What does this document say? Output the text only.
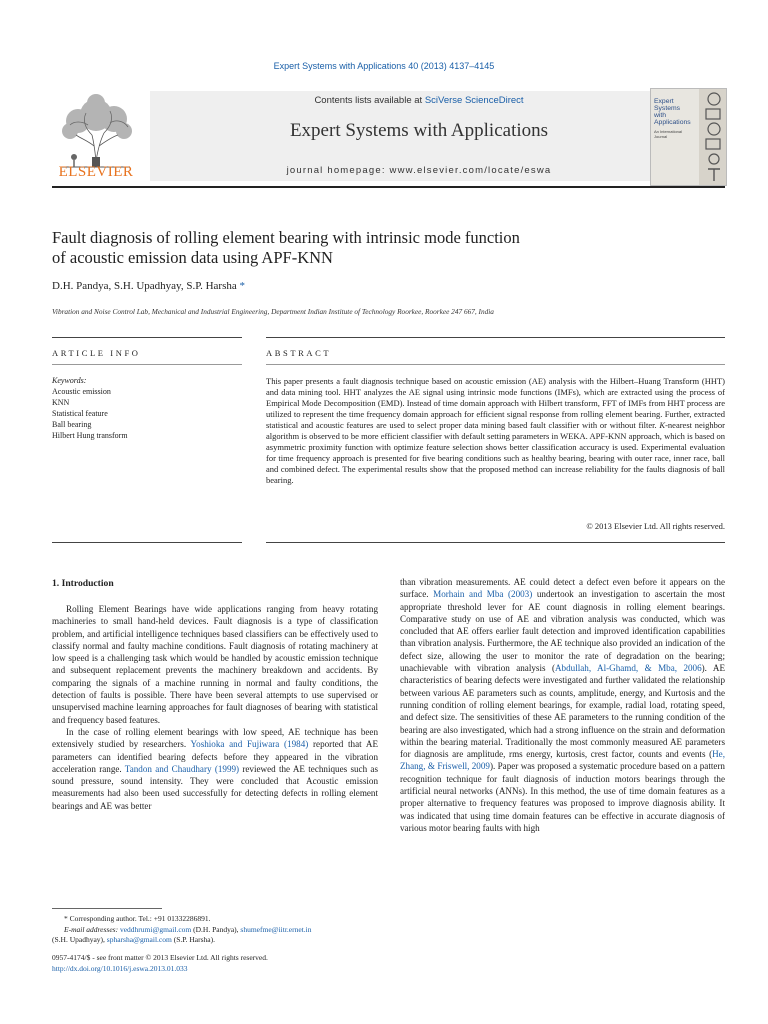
Expert Systems with Applications 40 (2013) 4137–4145
ELSEVIER
Contents lists available at SciVerse ScienceDirect
Expert Systems with Applications
journal homepage: www.elsevier.com/locate/eswa
Expert
Systems
with
Applications
An International Journal
Fault diagnosis of rolling element bearing with intrinsic mode function
of acoustic emission data using APF-KNN
D.H. Pandya, S.H. Upadhyay, S.P. Harsha *
Vibration and Noise Control Lab, Mechanical and Industrial Engineering, Department Indian Institute of Technology Roorkee, Roorkee 247 667, India
ARTICLE INFO	ABSTRACT
Keywords:
Acoustic emission
KNN
Statistical feature
Ball bearing
Hilbert Hung transform
This paper presents a fault diagnosis technique based on acoustic emission (AE) analysis with the Hilbert–Huang Transform (HHT) and data mining tool. HHT analyzes the AE signal using intrinsic mode functions (IMFs), which are extracted using the process of Empirical Mode Decomposition (EMD). Instead of time domain approach with Hilbert transform, FFT of IMFs from HHT process are utilized to represent the time frequency domain approach for efficient signal response from rolling element bearing. Further, extracted statistical and acoustic features are used to select proper data mining based fault classifier with or without filter. K-nearest neighbor algorithm is observed to be more efficient classifier with default setting parameters in WEKA. APF-KNN approach, which is based on asymmetric proximity function with optimize feature selection shows better classification accuracy is used. Experimental evaluation for time frequency approach is presented for five bearing conditions such as healthy bearing, bearing with outer race, inner race, ball and combined defect. The experimental results show that the proposed method can increase reliability for the faults diagnosis of ball bearing.
© 2013 Elsevier Ltd. All rights reserved.
1. Introduction

Rolling Element Bearings have wide applications ranging from heavy rotating machineries to small hand-held devices. Fault diagnosis is a type of classification problem, and artificial intelligence techniques based classifiers can be effectively used to classify normal and faulty machine conditions. Fault diagnosis of rotating machinery at low speed is a challenging task which would be handled by acoustic emission technique and subsequent replacement prevents the machinery breakdown and accidents. By comparing the signals of a machine running in normal and faulty conditions, the detection of faults is possible. There have been several attempts to use supervised or unsupervised machine learning approaches for fault diagnoses of bearing with statistical and frequency based features.

In the case of rolling element bearings with low speed, AE technique has been extensively studied by researchers. Yoshioka and Fujiwara (1984) reported that AE parameters can identified bearing defects before they appeared in the vibration acceleration range. Tandon and Chaudhary (1999) reviewed the AE techniques such as sound pressure, sound intensity. They were concluded that Acoustic emission measurements had also been used successfully for detecting defects in rolling element bearings and AE was better

than vibration measurements. AE could detect a defect even before it appears on the surface. Morhain and Mba (2003) undertook an investigation to ascertain the most appropriate threshold lever for AE count diagnosis in rolling element bearings. Comparative study on use of AE and vibration analysis was conducted, which was concluded that AE offers earlier fault detection and improved identification capabilities than vibration analysis. Furthermore, the AE technique also provided an indication of the defect size, allowing the user to monitor the rate of degradation on the bearing; unachievable with vibration analysis (Abdullah, Al-Ghamd, & Mba, 2006). AE characteristics of bearing defects were investigated and further validated the relationship between various AE parameters such as counts, amplitude, energy, and Kurtosis and the running condition of rolling element bearings, for example, radial load, rotating speed, and defect size. The sensitivities of these AE parameters to the running condition of the bearing are also investigated, which had a strong influence on the strain and deformation within the bearing material. Traditionally the most commonly measured AE parameters for diagnosis are amplitude, rms energy, kurtosis, crest factor, counts and events (He, Zhang, & Friswell, 2009). Paper was proposed a systematic procedure based on a pattern recognition technique for fault diagnosis of induction motors bearings through the artificial neural networks (ANNs). In this method, the use of time domain features as a proper alternative to frequency features was proposed to improve diagnosis ability. It was indicated that using time domain features can be effective in accurate diagnosis of various motor bearing faults with high

* Corresponding author. Tel.: +91 01332286891.
E-mail addresses: veddhrumi@gmail.com (D.H. Pandya), shumefme@iitr.ernet.in
(S.H. Upadhyay), spharsha@gmail.com (S.P. Harsha).
0957-4174/$ - see front matter © 2013 Elsevier Ltd. All rights reserved.
http://dx.doi.org/10.1016/j.eswa.2013.01.033
